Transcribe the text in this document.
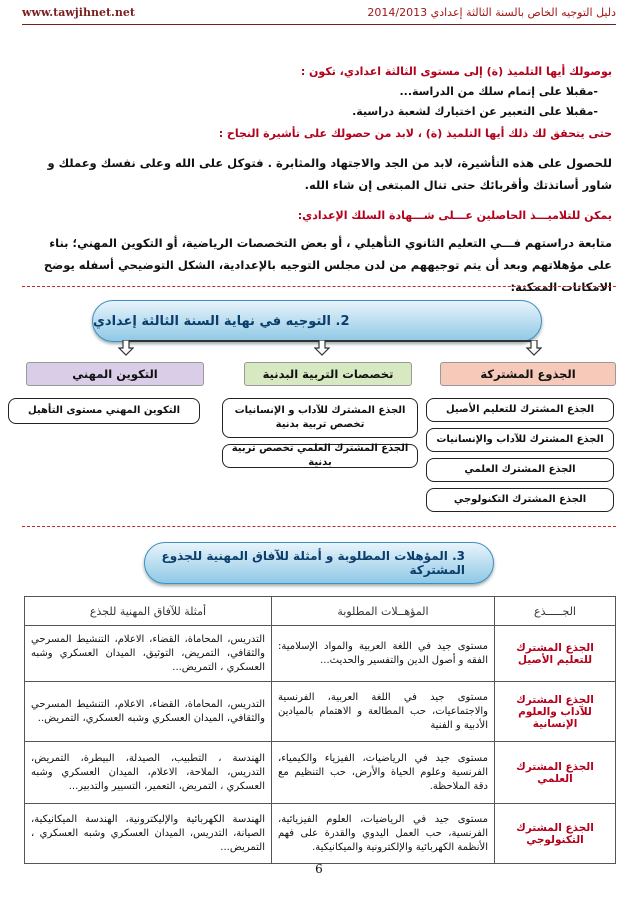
www.tawjihnet.net	دليل التوجيه الخاص بالسنة الثالثة إعدادي 2014/2013
بوصولك أيها التلميذ (ة) إلى مستوى الثالثة اعدادي، تكون :
-مقبلا على إتمام سلك من الدراسة...
-مقبلا على التعبير عن اختيارك لشعبة دراسية.
حتى يتحقق لك ذلك أيها التلميذ (ة) ، لابد من حصولك على تأشيرة النجاح :
للحصول على هذه التأشيرة، لابد من الجد والاجتهاد والمثابرة . فتوكل على الله وعلى نفسك وعملك و شاور أساتذتك وأقربائك حتى تنال المبتغى إن شاء الله.
يمكن للتلاميـــذ الحاصلين عـــلى شـــهادة السلك الإعدادي:
متابعة دراستهم فـــي التعليم الثانوي التأهيلي ، أو بعض التخصصات الرياضية، أو التكوين المهني؛ بناء على مؤهلاتهم وبعد أن يتم توجيههم من لدن مجلس التوجيه بالإعدادية، الشكل التوضيحي أسفله يوضح الامكانات الممكنة:
2. التوجيه في نهاية السنة الثالثة إعدادي
الجذوع المشتركة
تخصصات التربية البدنية
التكوين المهني
الجذع المشترك للتعليم الأصيل
الجذع المشترك للآداب والإنسانيات
الجذع المشترك العلمي
الجذع المشترك التكنولوجي
الجذع المشترك للآداب و الإنسانيات تخصص تربية بدنية
الجذع المشترك العلمي تخصص تربية بدنية
التكوين المهني مستوى التأهيل
3. المؤهلات المطلوبة و أمثلة للآفاق المهنية للجذوع المشتركة
الجـــــذع	المؤهــلات المطلوبة	أمثلة للآفاق المهنية للجذع
الجذع المشترك للتعليم الأصيل	مستوى جيد في اللغة العربية والمواد الإسلامية: الفقه و أصول الدين والتفسير والحديث...	التدريس، المحاماة، القضاء، الاعلام، التنشيط المسرحي والثقافي، التمريض، التوثيق، الميدان العسكري وشبه العسكري ، التمريض...
الجذع المشترك للآداب والعلوم الإنسانية	مستوى جيد في اللغة العربية، الفرنسية والاجتماعيات، حب المطالعة و الاهتمام بالميادين الأدبية و الفنية	التدريس، المحاماة، القضاء، الاعلام، التنشيط المسرحي والثقافي، الميدان العسكري وشبه العسكري، التمريض..
الجذع المشترك العلمي	مستوى جيد في الرياضيات، الفيزياء والكيمياء، الفرنسية وعلوم الحياة والأرض، حب التنظيم مع دقة الملاحظة.	الهندسة ، التطبيب، الصيدلة، البيطرة، التمريض، التدريس، الملاحة، الاعلام، الميدان العسكري وشبه العسكري ، التمريض، التعمير، التسيير والتدبير...
الجذع المشترك التكنولوجي	مستوى جيد في الرياضيات، العلوم الفيزيائية، الفرنسية، حب العمل اليدوي والقدرة على فهم الأنظمة الكهربائية والإلكترونية والميكانيكية.	الهندسة الكهربائية والإليكترونية، الهندسة الميكانيكية، الصيانة، التدريس، الميدان العسكري وشبه العسكري ، التمريض...
6
